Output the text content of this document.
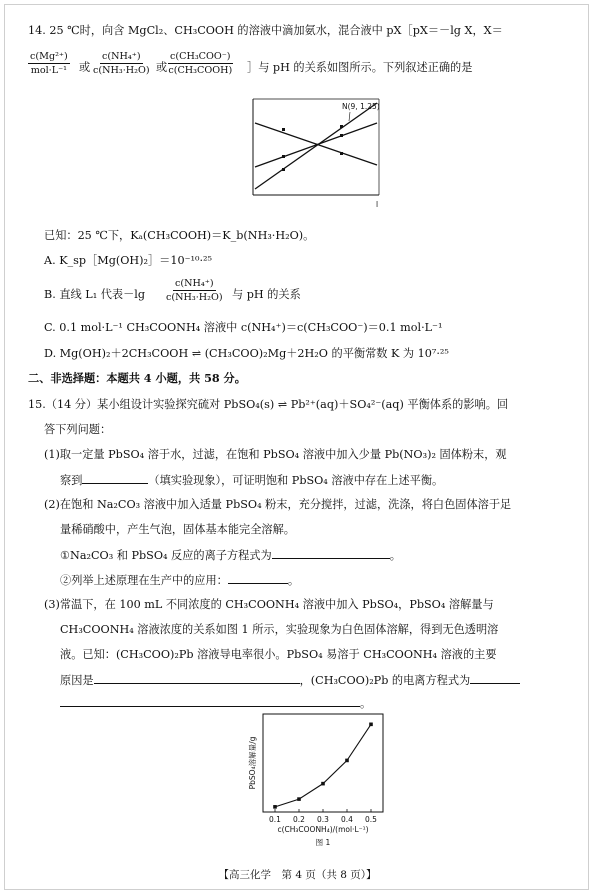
14. 25 ℃时，向含 MgCl₂、CH₃COOH 的溶液中滴加氨水，混合液中 pX［pX＝－lg X，X＝
c(Mg²⁺)
mol·L⁻¹ 或 $\frac{\text{c(NH₄⁺)}}{\text{c(NH₃·H₂O)}}$ 或
c(CH₃COO⁻)
c(CH₃COOH) ］与 pH 的关系如图所示。下列叙述正确的是
N(9, 1.25)
l
已知：25 ℃下，Kₐ(CH₃COOH)＝K_b(NH₃·H₂O)。
A. K_sp［Mg(OH)₂］＝10⁻¹⁰·²⁵
B. 直线 L₁ 代表$-\lg \frac{\text{c(NH₄⁺)}}{\text{c(NH₃·H₂O)}}$ 与 pH 的关系
C. 0.1 mol·L⁻¹ CH₃COONH₄ 溶液中 c(NH₄⁺)＝c(CH₃COO⁻)＝0.1 mol·L⁻¹
D. Mg(OH)₂＋2CH₃COOH ⇌ (CH₃COO)₂Mg＋2H₂O 的平衡常数 K 为 10⁷·²⁵
二、非选择题：本题共 4 小题，共 58 分。
15.（14 分）某小组设计实验探究硫对 PbSO₄(s) ⇌ Pb²⁺(aq)＋SO₄²⁻(aq) 平衡体系的影响。回
答下列问题：
(1)取一定量 PbSO₄ 溶于水，过滤，在饱和 PbSO₄ 溶液中加入少量 Pb(NO₃)₂ 固体粉末，观
察到	（填实验现象），可证明饱和 PbSO₄ 溶液中存在上述平衡。
(2)在饱和 Na₂CO₃ 溶液中加入适量 PbSO₄ 粉末，充分搅拌，过滤，洗涤，将白色固体溶于足
量稀硝酸中，产生气泡，固体基本能完全溶解。
①Na₂CO₃ 和 PbSO₄ 反应的离子方程式为	。
②列举上述原理在生产中的应用：	。
(3)常温下，在 100 mL 不同浓度的 CH₃COONH₄ 溶液中加入 PbSO₄，PbSO₄ 溶解量与
CH₃COONH₄ 溶液浓度的关系如图 1 所示，实验现象为白色固体溶解，得到无色透明溶
液。已知：(CH₃COO)₂Pb 溶液导电率很小。PbSO₄ 易溶于 CH₃COONH₄ 溶液的主要
原因是	，(CH₃COO)₂Pb 的电离方程式为
。
0.1 0.2 0.3 0.4 0.5
c(CH₃COONH₄)/(mol·L⁻¹)
PbSO₄溶解量/g
图 1
【高三化学　第 4 页（共 8 页）】
